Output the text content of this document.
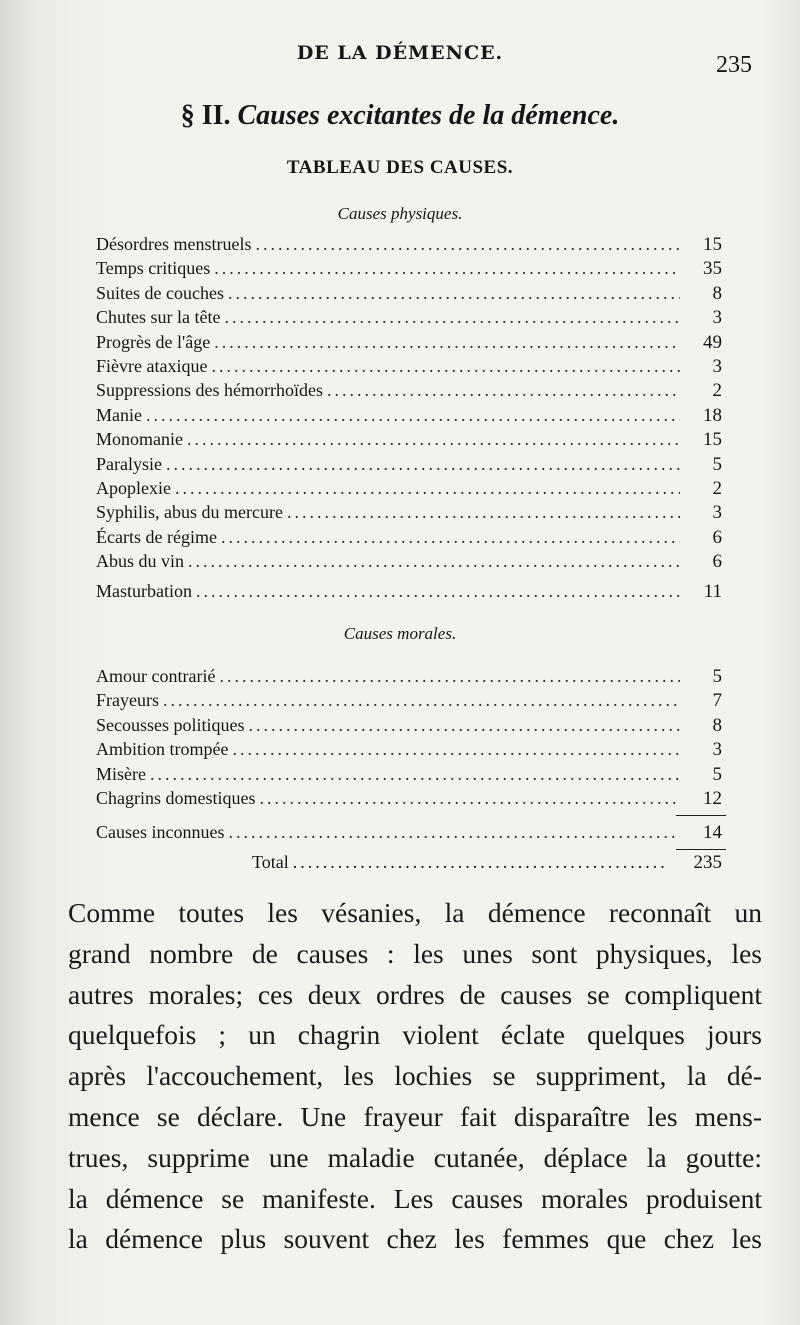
DE LA DÉMENCE.	235
§ II. Causes excitantes de la démence.
TABLEAU DES CAUSES.
Causes physiques.
Désordres menstruels .....	15
Temps critiques .....	35
Suites de couches .....	8
Chutes sur la tête .....	3
Progrès de l'âge .....	49
Fièvre ataxique .....	3
Suppressions des hémorrhoïdes .....	2
Manie .....	18
Monomanie .....	15
Paralysie .....	5
Apoplexie .....	2
Syphilis, abus du mercure .....	3
Écarts de régime .....	6
Abus du vin .....	6
Masturbation .....	11
Causes morales.
Amour contrarié .....	5
Frayeurs .....	7
Secousses politiques .....	8
Ambition trompée .....	3
Misère .....	5
Chagrins domestiques .....	12
Causes inconnues .....	14
Total .....	235
Comme toutes les vésanies, la démence reconnaît un
grand nombre de causes : les unes sont physiques, les
autres morales; ces deux ordres de causes se compliquent
quelquefois ; un chagrin violent éclate quelques jours
après l'accouchement, les lochies se suppriment, la dé-
mence se déclare. Une frayeur fait disparaître les mens-
trues, supprime une maladie cutanée, déplace la goutte:
la démence se manifeste. Les causes morales produisent
la démence plus souvent chez les femmes que chez les
